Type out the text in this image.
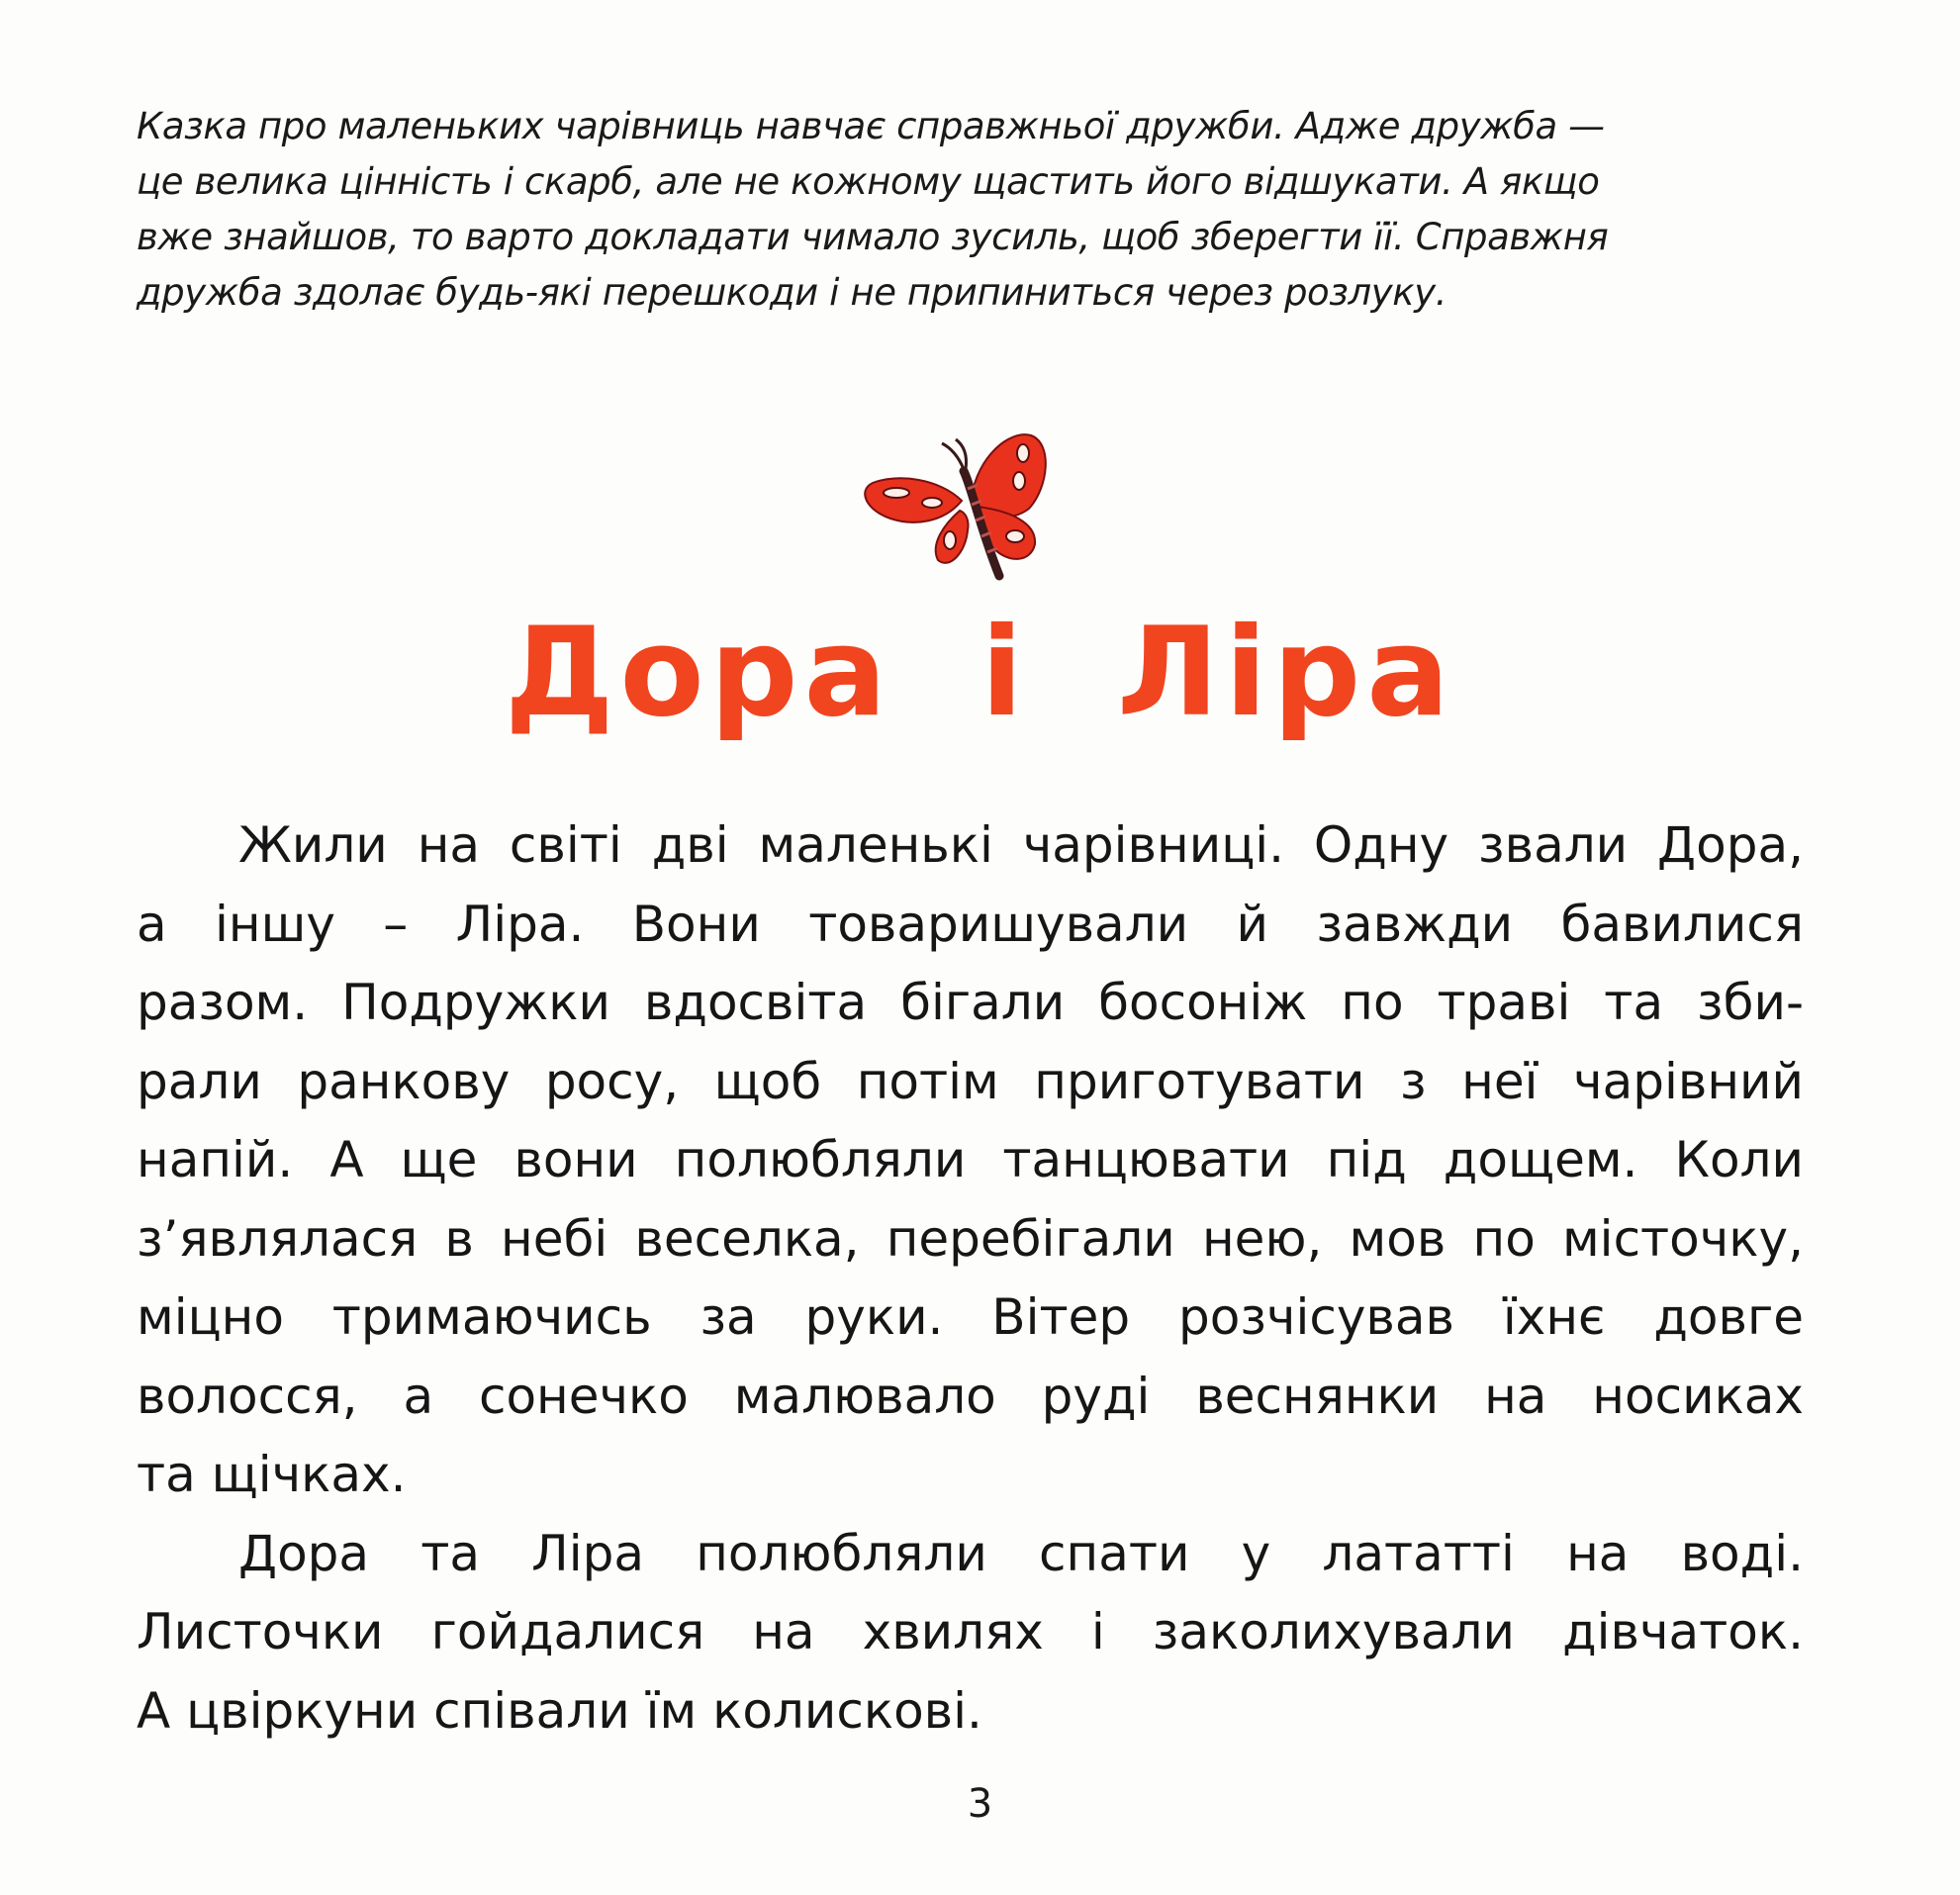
Казка про маленьких чарівниць навчає справжньої дружби. Адже дружба —
це велика цінність і скарб, але не кожному щастить його відшукати. А якщо
вже знайшов, то варто докладати чимало зусиль, щоб зберегти її. Справжня
дружба здолає будь-які перешкоди і не припиниться через розлуку.
Дора і Ліра

Жили на світі дві маленькі чарівниці. Одну звали Дора,
а іншу – Ліра. Вони товаришували й завжди бавилися
разом. Подружки вдосвіта бігали босоніж по траві та зби-
рали ранкову росу, щоб потім приготувати з неї чарівний
напій. А ще вони полюбляли танцювати під дощем. Коли
з’являлася в небі веселка, перебігали нею, мов по місточку,
міцно тримаючись за руки. Вітер розчісував їхнє довге
волосся, а сонечко малювало руді веснянки на носиках
та щічках.

Дора та Ліра полюбляли спати у лататті на воді.
Листочки гойдалися на хвилях і заколихували дівчаток.
А цвіркуни співали їм колискові.

3
